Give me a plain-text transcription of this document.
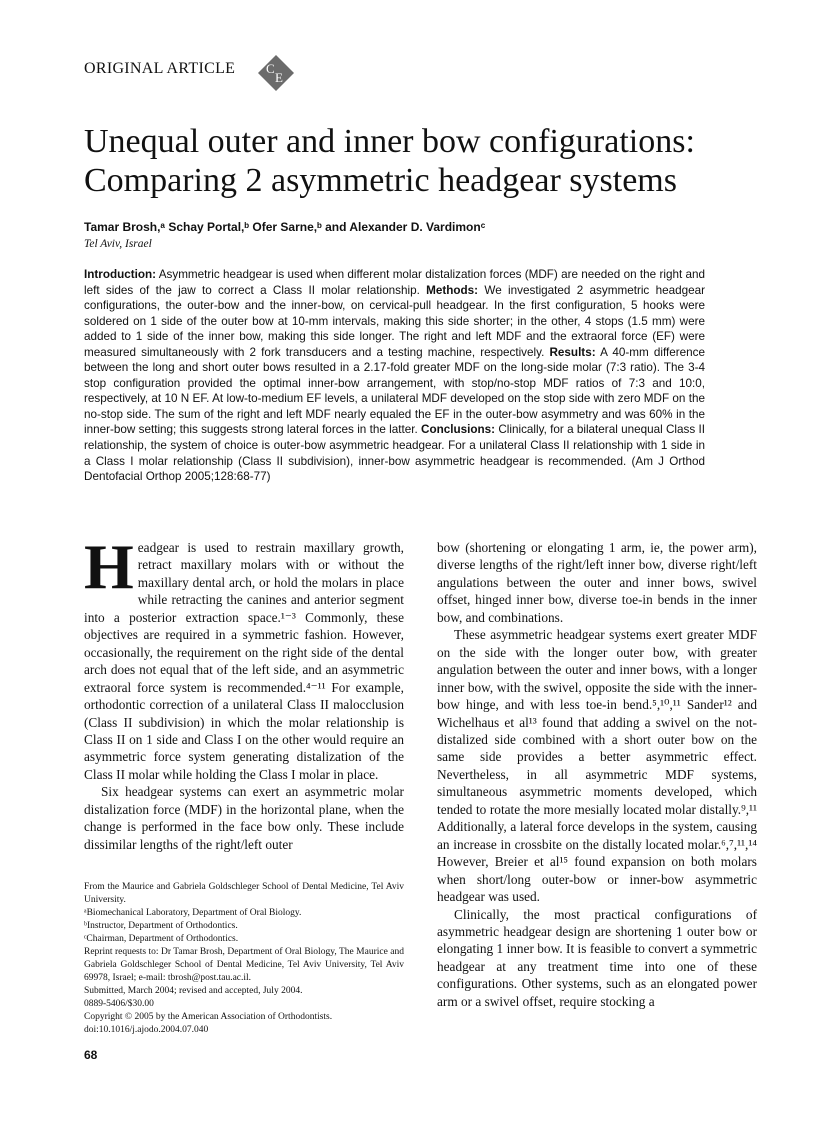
ORIGINAL ARTICLE C
E
Unequal outer and inner bow configurations: Comparing 2 asymmetric headgear systems
Tamar Brosh,ᵃ Schay Portal,ᵇ Ofer Sarne,ᵇ and Alexander D. Vardimonᶜ
Tel Aviv, Israel

Introduction: Asymmetric headgear is used when different molar distalization forces (MDF) are needed on the right and left sides of the jaw to correct a Class II molar relationship. Methods: We investigated 2 asymmetric headgear configurations, the outer-bow and the inner-bow, on cervical-pull headgear. In the first configuration, 5 hooks were soldered on 1 side of the outer bow at 10-mm intervals, making this side shorter; in the other, 4 stops (1.5 mm) were added to 1 side of the inner bow, making this side longer. The right and left MDF and the extraoral force (EF) were measured simultaneously with 2 fork transducers and a testing machine, respectively. Results: A 40-mm difference between the long and short outer bows resulted in a 2.17-fold greater MDF on the long-side molar (7:3 ratio). The 3-4 stop configuration provided the optimal inner-bow arrangement, with stop/no-stop MDF ratios of 7:3 and 10:0, respectively, at 10 N EF. At low-to-medium EF levels, a unilateral MDF developed on the stop side with zero MDF on the no-stop side. The sum of the right and left MDF nearly equaled the EF in the outer-bow asymmetry and was 60% in the inner-bow setting; this suggests strong lateral forces in the latter. Conclusions: Clinically, for a bilateral unequal Class II relationship, the system of choice is outer-bow asymmetric headgear. For a unilateral Class II relationship with 1 side in a Class I molar relationship (Class II subdivision), inner-bow asymmetric headgear is recommended. (Am J Orthod Dentofacial Orthop 2005;128:68-77)

Headgear is used to restrain maxillary growth, retract maxillary molars with or without the maxillary dental arch, or hold the molars in place while retracting the canines and anterior segment into a posterior extraction space.¹⁻³ Commonly, these objectives are required in a symmetric fashion. However, occasionally, the requirement on the right side of the dental arch does not equal that of the left side, and an asymmetric extraoral force system is recommended.⁴⁻¹¹ For example, orthodontic correction of a unilateral Class II malocclusion (Class II subdivision) in which the molar relationship is Class II on 1 side and Class I on the other would require an asymmetric force system generating distalization of the Class II molar while holding the Class I molar in place.

Six headgear systems can exert an asymmetric molar distalization force (MDF) in the horizontal plane, when the change is performed in the face bow only. These include dissimilar lengths of the right/left outer

bow (shortening or elongating 1 arm, ie, the power arm), diverse lengths of the right/left inner bow, diverse right/left angulations between the outer and inner bows, swivel offset, hinged inner bow, diverse toe-in bends in the inner bow, and combinations.

These asymmetric headgear systems exert greater MDF on the side with the longer outer bow, with greater angulation between the outer and inner bows, with a longer inner bow, with the swivel, opposite the side with the inner-bow hinge, and with less toe-in bend.⁵,¹⁰,¹¹ Sander¹² and Wichelhaus et al¹³ found that adding a swivel on the not-distalized side combined with a short outer bow on the same side provides a better asymmetric effect. Nevertheless, in all asymmetric MDF systems, simultaneous asymmetric moments developed, which tended to rotate the more mesially located molar distally.⁹,¹¹ Additionally, a lateral force develops in the system, causing an increase in crossbite on the distally located molar.⁶,⁷,¹¹,¹⁴ However, Breier et al¹⁵ found expansion on both molars when short/long outer-bow or inner-bow asymmetric headgear was used.

Clinically, the most practical configurations of asymmetric headgear design are shortening 1 outer bow or elongating 1 inner bow. It is feasible to convert a symmetric headgear at any treatment time into one of these configurations. Other systems, such as an elongated power arm or a swivel offset, require stocking a

From the Maurice and Gabriela Goldschleger School of Dental Medicine, Tel Aviv University.
ᵃBiomechanical Laboratory, Department of Oral Biology.
ᵇInstructor, Department of Orthodontics.
ᶜChairman, Department of Orthodontics.
Reprint requests to: Dr Tamar Brosh, Department of Oral Biology, The Maurice and Gabriela Goldschleger School of Dental Medicine, Tel Aviv University, Tel Aviv 69978, Israel; e-mail: tbrosh@post.tau.ac.il.
Submitted, March 2004; revised and accepted, July 2004.
0889-5406/$30.00
Copyright © 2005 by the American Association of Orthodontists.
doi:10.1016/j.ajodo.2004.07.040
68
